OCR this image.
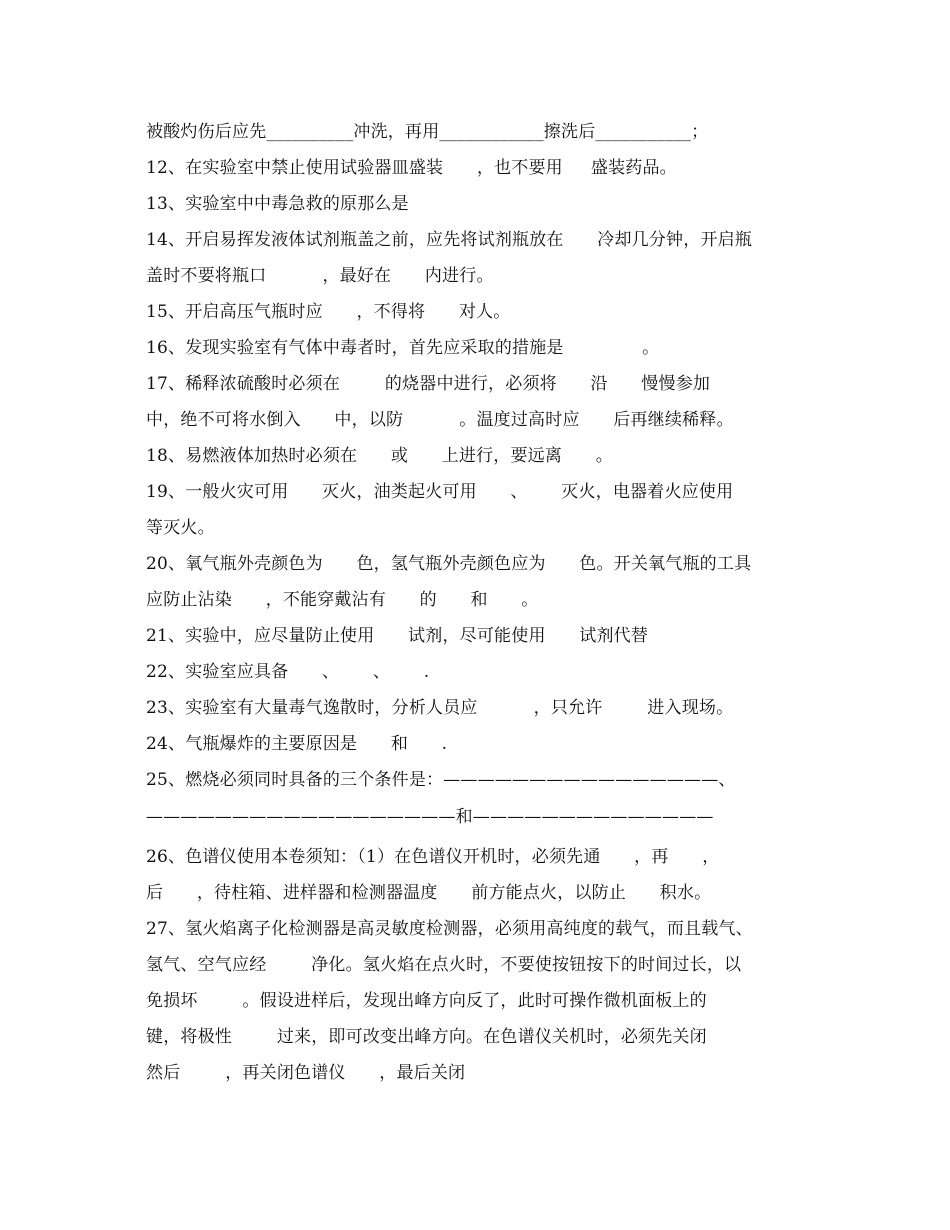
被酸灼伤后应先__________冲洗，再用____________擦洗后___________；
12、在实验室中禁止使用试验器皿盛装      ，也不要用     盛装药品。
13、实验室中中毒急救的原那么是
14、开启易挥发液体试剂瓶盖之前，应先将试剂瓶放在      冷却几分钟，开启瓶
盖时不要将瓶口          ，最好在      内进行。
15、开启高压气瓶时应      ，不得将      对人。
16、发现实验室有气体中毒者时，首先应采取的措施是              。
17、稀释浓硫酸时必须在        的烧器中进行，必须将      沿      慢慢参加
中，绝不可将水倒入      中，以防          。温度过高时应      后再继续稀释。
18、易燃液体加热时必须在      或      上进行，要远离      。
19、一般火灾可用      灭火，油类起火可用      、      灭火，电器着火应使用
等灭火。
20、氧气瓶外壳颜色为      色，氢气瓶外壳颜色应为      色。开关氧气瓶的工具
应防止沾染      ，不能穿戴沾有      的      和      。
21、实验中，应尽量防止使用      试剂，尽可能使用      试剂代替
22、实验室应具备      、      、      .
23、实验室有大量毒气逸散时，分析人员应          ，只允许        进入现场。
24、气瓶爆炸的主要原因是      和      .
25、燃烧必须同时具备的三个条件是：————————————————、
——————————————————和——————————————
26、色谱仪使用本卷须知：（1）在色谱仪开机时，必须先通      ，再      ，
后      ，待柱箱、进样器和检测器温度      前方能点火，以防止      积水。
27、氢火焰离子化检测器是高灵敏度检测器，必须用高纯度的载气，而且载气、
氢气、空气应经        净化。氢火焰在点火时，不要使按钮按下的时间过长，以
免损坏        。假设进样后，发现出峰方向反了，此时可操作微机面板上的
键，将极性        过来，即可改变出峰方向。在色谱仪关机时，必须先关闭
然后        ，再关闭色谱仪      ，最后关闭
